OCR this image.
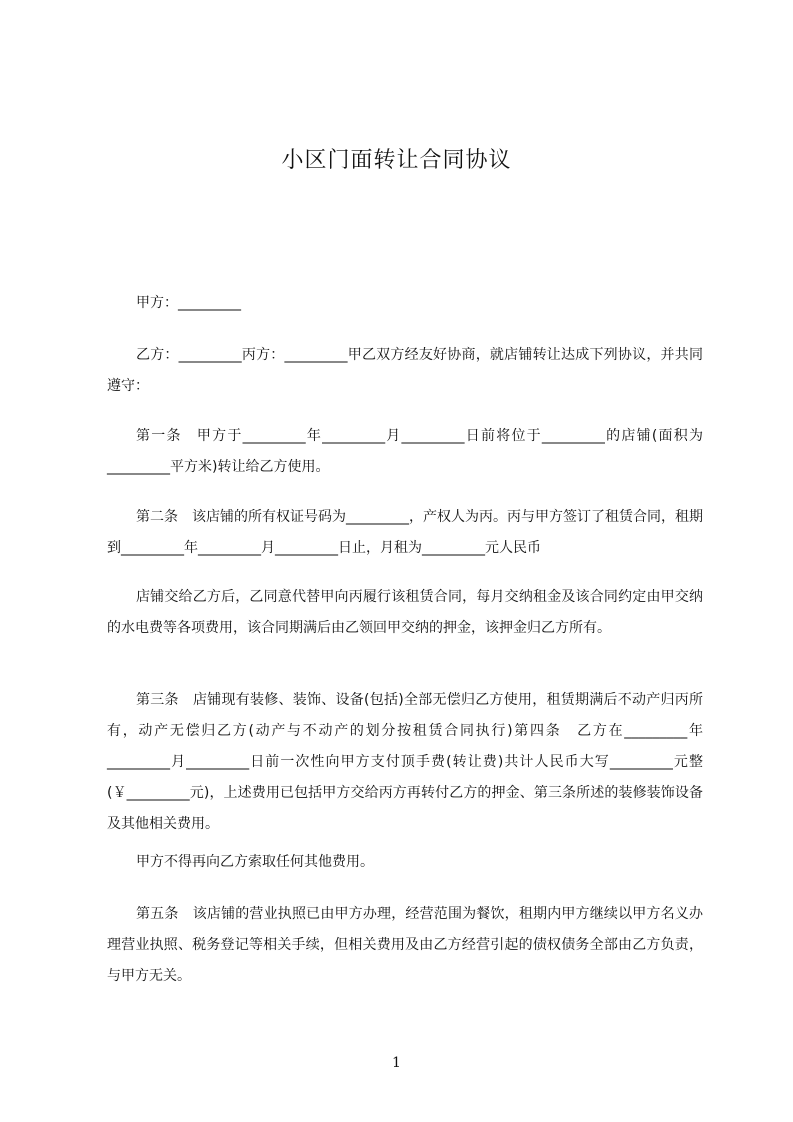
小区门面转让合同协议

甲方：_________

乙方：_________丙方：_________甲乙双方经友好协商，就店铺转让达成下列协议，并共同遵守：

第一条　甲方于_________年_________月_________日前将位于_________的店铺(面积为_________平方米)转让给乙方使用。

第二条　该店铺的所有权证号码为_________，产权人为丙。丙与甲方签订了租赁合同，租期到_________年_________月_________日止，月租为_________元人民币

店铺交给乙方后，乙同意代替甲向丙履行该租赁合同，每月交纳租金及该合同约定由甲交纳的水电费等各项费用，该合同期满后由乙领回甲交纳的押金，该押金归乙方所有。

第三条　店铺现有装修、装饰、设备(包括)全部无偿归乙方使用，租赁期满后不动产归丙所有，动产无偿归乙方(动产与不动产的划分按租赁合同执行)第四条　乙方在_________年_________月_________日前一次性向甲方支付顶手费(转让费)共计人民币大写_________元整(￥_________元)，上述费用已包括甲方交给丙方再转付乙方的押金、第三条所述的装修装饰设备及其他相关费用。

甲方不得再向乙方索取任何其他费用。

第五条　该店铺的营业执照已由甲方办理，经营范围为餐饮，租期内甲方继续以甲方名义办理营业执照、税务登记等相关手续，但相关费用及由乙方经营引起的债权债务全部由乙方负责，与甲方无关。

1
